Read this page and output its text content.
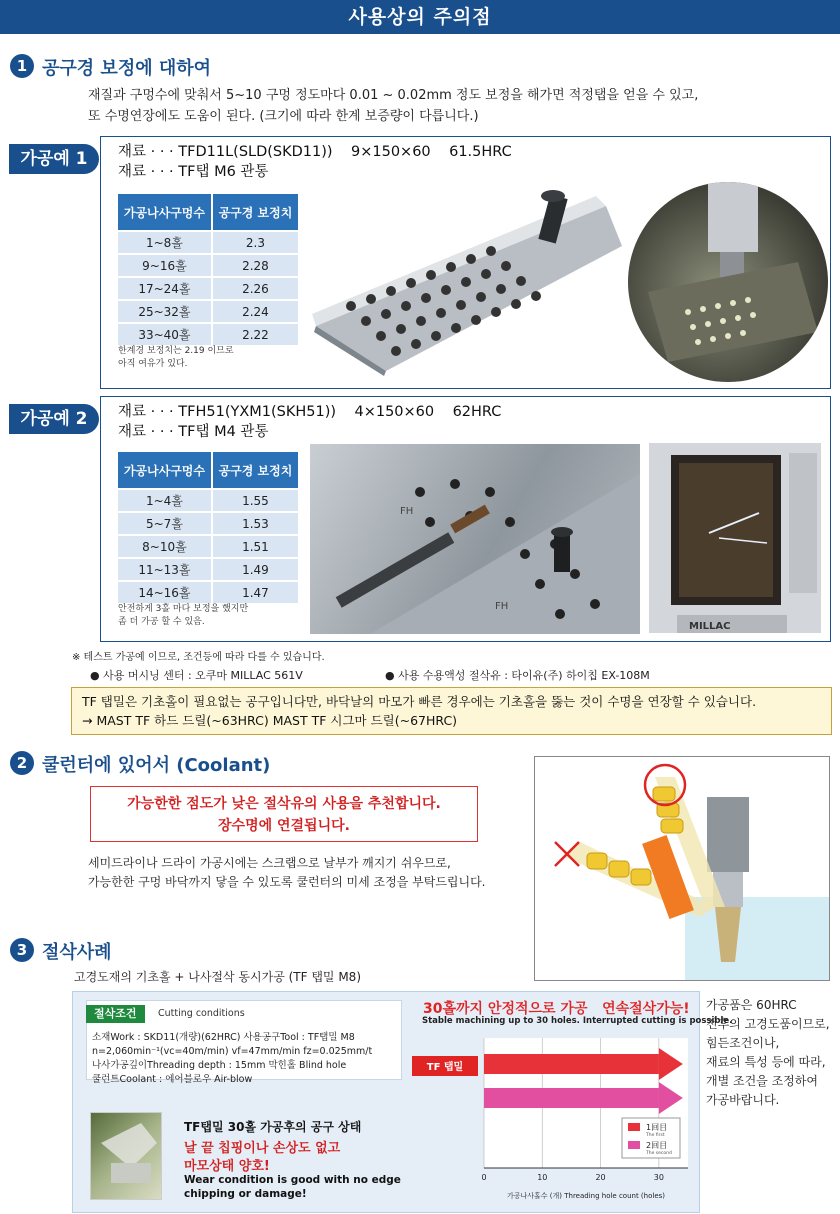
사용상의 주의점
1 공구경 보정에 대하여
재질과 구멍수에 맞춰서 5~10 구멍 정도마다 0.01 ~ 0.02mm 정도 보정을 해가면 적정탭을 얻을 수 있고,
또 수명연장에도 도움이 된다. (크기에 따라 한계 보증량이 다릅니다.)
가공예 1	재료 · · · TFD11L(SLD(SKD11))    9×150×60    61.5HRC
재료 · · · TF탭 M6 관통
가공나사구멍수	공구경 보정치
1~8홀	2.3
9~16홀	2.28
17~24홀	2.26
25~32홀	2.24
33~40홀	2.22
한계경 보정치는 2.19 이므로
아직 여유가 있다.
가공예 2	재료 · · · TFH51(YXM1(SKH51))    4×150×60    62HRC
재료 · · · TF탭 M4 관통
가공나사구멍수	공구경 보정치
1~4홀	1.55
5~7홀	1.53
8~10홀	1.51
11~13홀	1.49
14~16홀	1.47
안전하게 3홀 마다 보정을 했지만
좀 더 가공 할 수 있음.
FH
FH
MILLAC
※ 테스트 가공예 이므로, 조건등에 따라 다를 수 있습니다.
● 사용 머시닝 센터 : 오쿠마 MILLAC 561V	● 사용 수용액성 절삭유 : 타이유(주) 하이칩 EX-108M
TF 탭밀은 기초홀이 필요없는 공구입니다만, 바닥날의 마모가 빠른 경우에는 기초홀을 뚫는 것이 수명을 연장할 수 있습니다.
→ MAST TF 하드 드릴(~63HRC) MAST TF 시그마 드릴(~67HRC)
2 쿨런터에 있어서 (Coolant)
가능한한 점도가 낮은 절삭유의 사용을 추천합니다.
장수명에 연결됩니다.
세미드라이나 드라이 가공시에는 스크랩으로 날부가 깨지기 쉬우므로,
가능한한 구멍 바닥까지 닿을 수 있도록 쿨런터의 미세 조정을 부탁드립니다.
3 절삭사례
고경도재의 기초홀 + 나사절삭 동시가공 (TF 탭밀 M8)
절삭조건	Cutting conditions
소재Work : SKD11(개량)(62HRC) 사용공구Tool : TF탭밀 M8
n=2,060min⁻¹(vc=40m/min) vf=47mm/min fz=0.025mm/t
나사가공깊이Threading depth : 15mm 막힌홀 Blind hole
쿨런트Coolant : 에어블로우 Air-blow
TF탭밀 30홀 가공후의 공구 상태
날 끝 칩핑이나 손상도 없고
마모상태 양호!
Wear condition is good with no edge
chipping or damage!
30홀까지 안정적으로 가공   연속절삭가능!
Stable machining up to 30 holes. Interrupted cutting is possible.
0	10	20	30
가공나사홀수 (개) Threading hole count (holes)
TF 탭밀
1回目
The first
2回目
The second
가공품은 60HRC
전후의 고경도품이므로,
힘든조건이나,
재료의 특성 등에 따라,
개별 조건을 조정하여
가공바랍니다.
